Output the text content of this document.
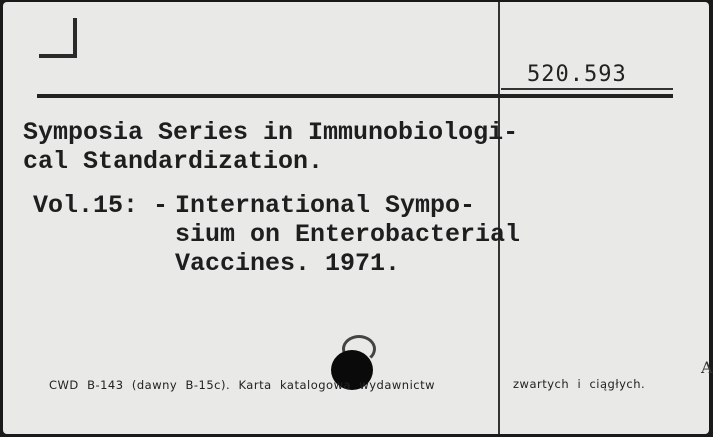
520.593
Symposia Series in Immunobiologi-
cal Standardization.
Vol.15: - International Sympo-
sium on Enterobacterial
Vaccines. 1971.
CWD  B-143  (dawny  B-15c).  Karta  katalogowa  wydawnictw	zwartych  i  ciągłych.
A
